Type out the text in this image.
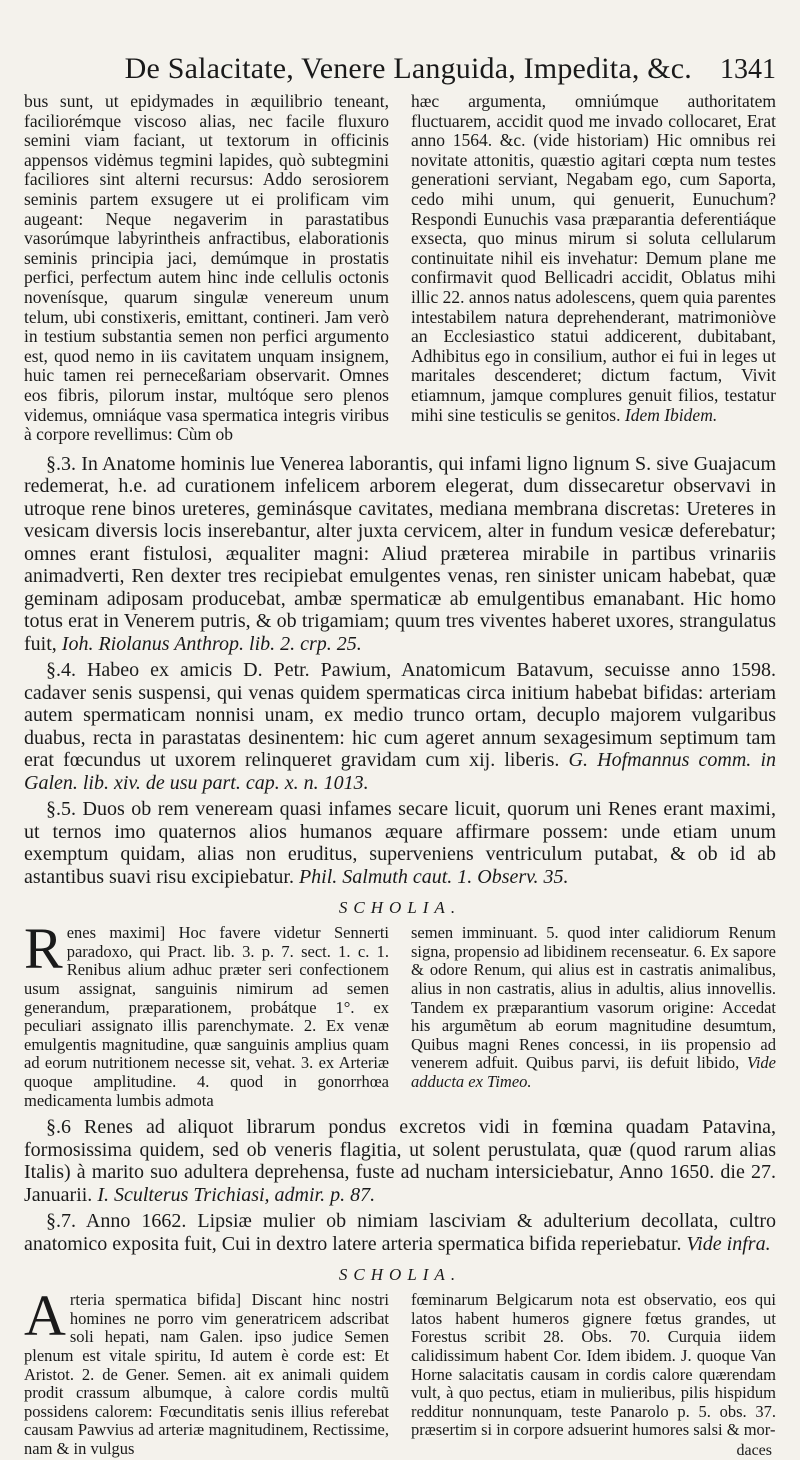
De Salacitate, Venere Languida, Impedita, &c. 1341

bus sunt, ut epidymades in æquilibrio teneant, faciliorémque viscoso alias, nec facile fluxuro semini viam faciant, ut textorum in officinis appensos vidėmus tegmini lapides, quò subtegmini faciliores sint alterni recursus: Addo serosiorem seminis partem exsugere ut ei prolificam vim augeant: Neque negaverim in parastatibus vasorúmque labyrintheis anfractibus, elaborationis seminis principia jaci, demúmque in prostatis perfici, perfectum autem hinc inde cellulis octonis novenísque, quarum singulæ venereum unum telum, ubi constixeris, emittant, contineri. Jam verò in testium substantia semen non perfici argumento est, quod nemo in iis cavitatem unquam insignem, huic tamen rei perneceßariam observarit. Omnes eos fibris, pilorum instar, multóque sero plenos videmus, omniáque vasa spermatica integris viribus à corpore revellimus: Cùm ob

hæc argumenta, omniúmque authoritatem fluctuarem, accidit quod me invado collocaret, Erat anno 1564. &c. (vide historiam) Hic omnibus rei novitate attonitis, quæstio agitari cœpta num testes generationi serviant, Negabam ego, cum Saporta, cedo mihi unum, qui genuerit, Eunuchum? Respondi Eunuchis vasa præparantia deferentiáque exsecta, quo minus mirum si soluta cellularum continuitate nihil eis invehatur: Demum plane me confirmavit quod Bellicadri accidit, Oblatus mihi illic 22. annos natus adolescens, quem quia parentes intestabilem natura deprehenderant, matrimoniòve an Ecclesiastico statui addicerent, dubitabant, Adhibitus ego in consilium, author ei fui in leges ut maritales descenderet; dictum factum, Vivit etiamnum, jamque complures genuit filios, testatur mihi sine testiculis se genitos. Idem Ibidem.

§.3. In Anatome hominis lue Venerea laborantis, qui infami ligno lignum S. sive Guajacum redemerat, h.e. ad curationem infelicem arborem elegerat, dum dissecaretur observavi in utroque rene binos ureteres, geminásque cavitates, mediana membrana discretas: Ureteres in vesicam diversis locis inserebantur, alter juxta cervicem, alter in fundum vesicæ deferebatur; omnes erant fistulosi, æqualiter magni: Aliud præterea mirabile in partibus vrinariis animadverti, Ren dexter tres recipiebat emulgentes venas, ren sinister unicam habebat, quæ geminam adiposam producebat, ambæ spermaticæ ab emulgentibus emanabant. Hic homo totus erat in Venerem putris, & ob trigamiam; quum tres viventes haberet uxores, strangulatus fuit, Ioh. Riolanus Anthrop. lib. 2. crp. 25.

§.4. Habeo ex amicis D. Petr. Pawium, Anatomicum Batavum, secuisse anno 1598. cadaver senis suspensi, qui venas quidem spermaticas circa initium habebat bifidas: arteriam autem spermaticam nonnisi unam, ex medio trunco ortam, decuplo majorem vulgaribus duabus, recta in parastatas desinentem: hic cum ageret annum sexagesimum septimum tam erat fœcundus ut uxorem relinqueret gravidam cum xij. liberis. G. Hofmannus comm. in Galen. lib. xiv. de usu part. cap. x. n. 1013.

§.5. Duos ob rem veneream quasi infames secare licuit, quorum uni Renes erant maximi, ut ternos imo quaternos alios humanos æquare affirmare possem: unde etiam unum exemptum quidam, alias non eruditus, superveniens ventriculum putabat, & ob id ab astantibus suavi risu excipiebatur. Phil. Salmuth caut. 1. Observ. 35.

SCHOLIA.

Renes maximi] Hoc favere videtur Sennerti paradoxo, qui Pract. lib. 3. p. 7. sect. 1. c. 1. Renibus alium adhuc præter seri confectionem usum assignat, sanguinis nimirum ad semen generandum, præparationem, probátque 1°. ex peculiari assignato illis parenchymate. 2. Ex venæ emulgentis magnitudine, quæ sanguinis amplius quam ad eorum nutritionem necesse sit, vehat. 3. ex Arteriæ quoque amplitudine. 4. quod in gonorrhœa medicamenta lumbis admota

semen imminuant. 5. quod inter calidiorum Renum signa, propensio ad libidinem recenseatur. 6. Ex sapore & odore Renum, qui alius est in castratis animalibus, alius in non castratis, alius in adultis, alius innovellis. Tandem ex præparantium vasorum origine: Accedat his argumẽtum ab eorum magnitudine desumtum, Quibus magni Renes concessi, in iis propensio ad venerem adfuit. Quibus parvi, iis defuit libido, Vide adducta ex Timeo.

§.6 Renes ad aliquot librarum pondus excretos vidi in fœmina quadam Patavina, formosissima quidem, sed ob veneris flagitia, ut solent perustulata, quæ (quod rarum alias Italis) à marito suo adultera deprehensa, fuste ad nucham intersiciebatur, Anno 1650. die 27. Januarii. I. Sculterus Trichiasi, admir. p. 87.

§.7. Anno 1662. Lipsiæ mulier ob nimiam lasciviam & adulterium decollata, cultro anatomico exposita fuit, Cui in dextro latere arteria spermatica bifida reperiebatur. Vide infra.

SCHOLIA.

Arteria spermatica bifida] Discant hinc nostri homines ne porro vim generatricem adscribat soli hepati, nam Galen. ipso judice Semen plenum est vitale spiritu, Id autem è corde est: Et Aristot. 2. de Gener. Semen. ait ex animali quidem prodit crassum albumque, à calore cordis multũ possidens calorem: Fœcunditatis senis illius referebat causam Pawvius ad arteriæ magnitudinem, Rectissime, nam & in vulgus

fœminarum Belgicarum nota est observatio, eos qui latos habent humeros gignere fœtus grandes, ut Forestus scribit 28. Obs. 70. Curquia iidem calidissimum habent Cor. Idem ibidem. J. quoque Van Horne salacitatis causam in cordis calore quærendam vult, à quo pectus, etiam in mulieribus, pilis hispidum redditur nonnunquam, teste Panarolo p. 5. obs. 37. præsertim si in corpore adsuerint humores salsi & mor-

daces
